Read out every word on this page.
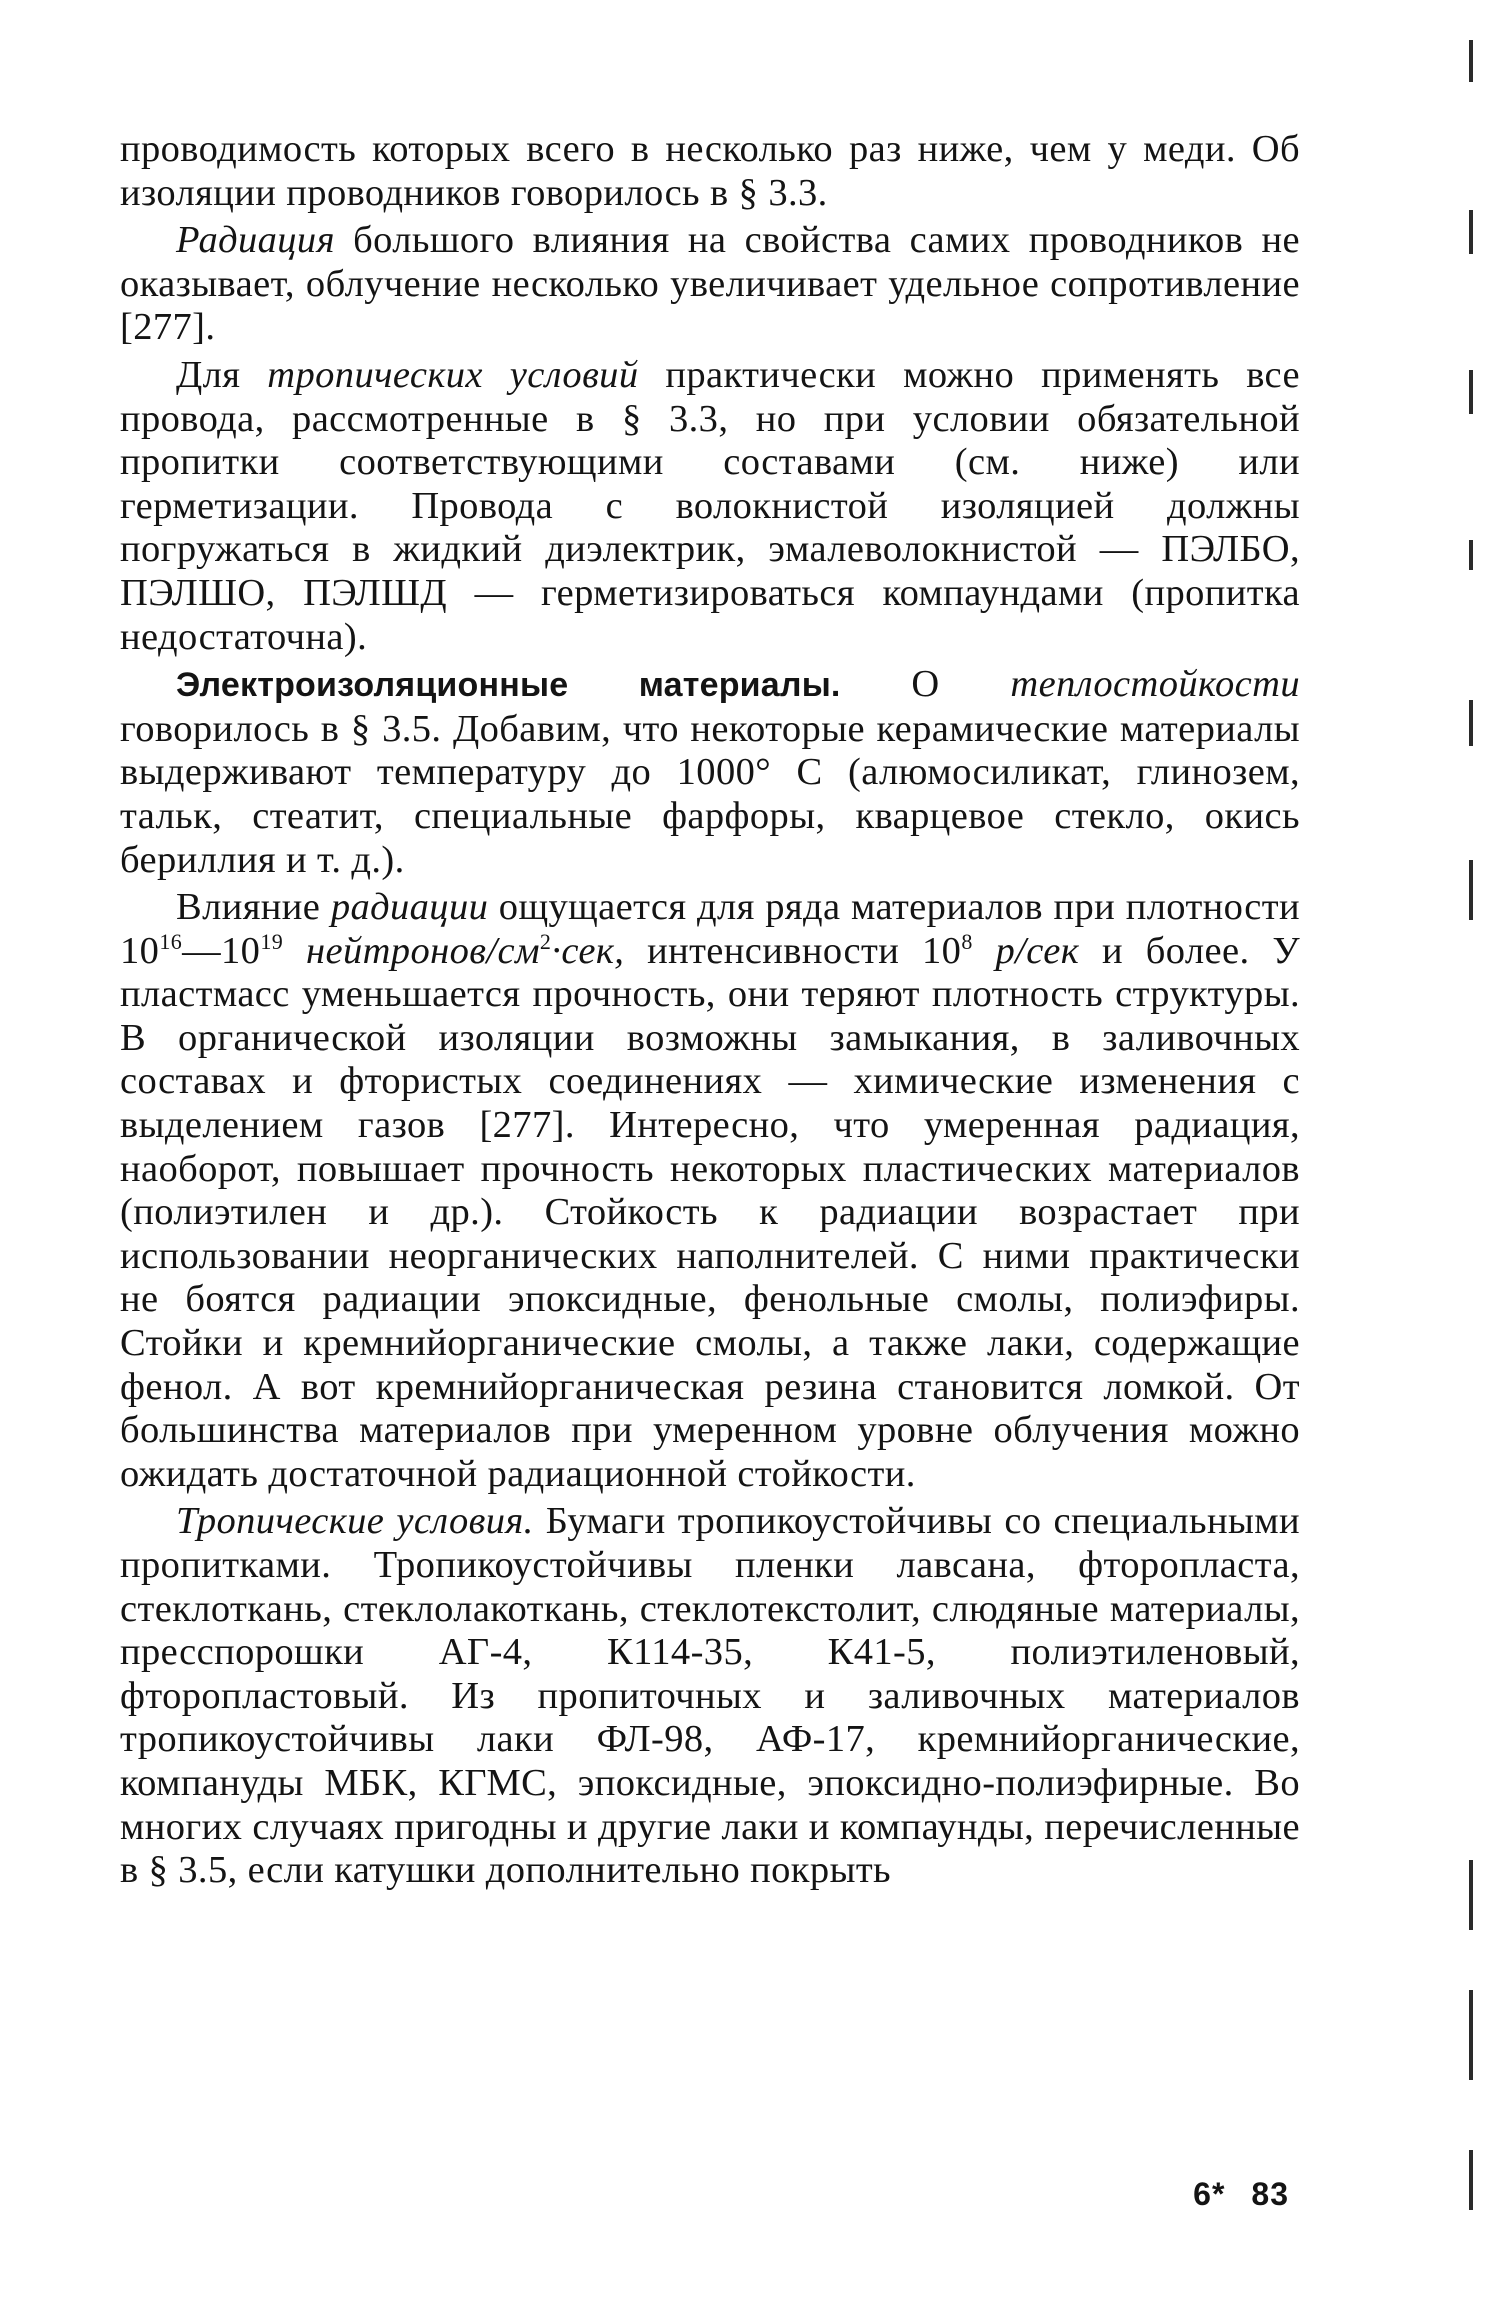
проводимость которых всего в несколько раз ниже, чем у меди. Об изоляции проводников говорилось в § 3.3.

Радиация большого влияния на свойства самих проводников не оказывает, облучение несколько увеличивает удельное сопротивление [277].

Для тропических условий практически можно применять все провода, рассмотренные в § 3.3, но при условии обязательной пропитки соответствующими составами (см. ниже) или герметизации. Провода с волокнистой изоляцией должны погружаться в жидкий диэлектрик, эмалеволокнистой — ПЭЛБО, ПЭЛШО, ПЭЛШД — герметизироваться компаундами (пропитка недостаточна).

Электроизоляционные материалы. О теплостойкости говорилось в § 3.5. Добавим, что некоторые керамические материалы выдерживают температуру до 1000° С (алюмосиликат, глинозем, тальк, стеатит, специальные фарфоры, кварцевое стекло, окись бериллия и т. д.).

Влияние радиации ощущается для ряда материалов при плотности $10^{16}—10^{19}$ нейтронов/$см^2\cdot сек$, интенсивности $10^8$ р/сек и более. У пластмасс уменьшается прочность, они теряют плотность структуры. В органической изоляции возможны замыкания, в заливочных составах и фтористых соединениях — химические изменения с выделением газов [277]. Интересно, что умеренная радиация, наоборот, повышает прочность некоторых пластических материалов (полиэтилен и др.). Стойкость к радиации возрастает при использовании неорганических наполнителей. С ними практически не боятся радиации эпоксидные, фенольные смолы, полиэфиры. Стойки и кремнийорганические смолы, а также лаки, содержащие фенол. А вот кремнийорганическая резина становится ломкой. От большинства материалов при умеренном уровне облучения можно ожидать достаточной радиационной стойкости.

Тропические условия. Бумаги тропикоустойчивы со специальными пропитками. Тропикоустойчивы пленки лавсана, фторопласта, стеклоткань, стеклолакоткань, стеклотекстолит, слюдяные материалы, пресспорошки АГ-4, К114-35, К41-5, полиэтиленовый, фторопластовый. Из пропиточных и заливочных материалов тропикоустойчивы лаки ФЛ-98, АФ-17, кремнийорганические, компануды МБК, КГМС, эпоксидные, эпоксидно-полиэфирные. Во многих случаях пригодны и другие лаки и компаунды, перечисленные в § 3.5, если катушки дополнительно покрыть

6* 83
